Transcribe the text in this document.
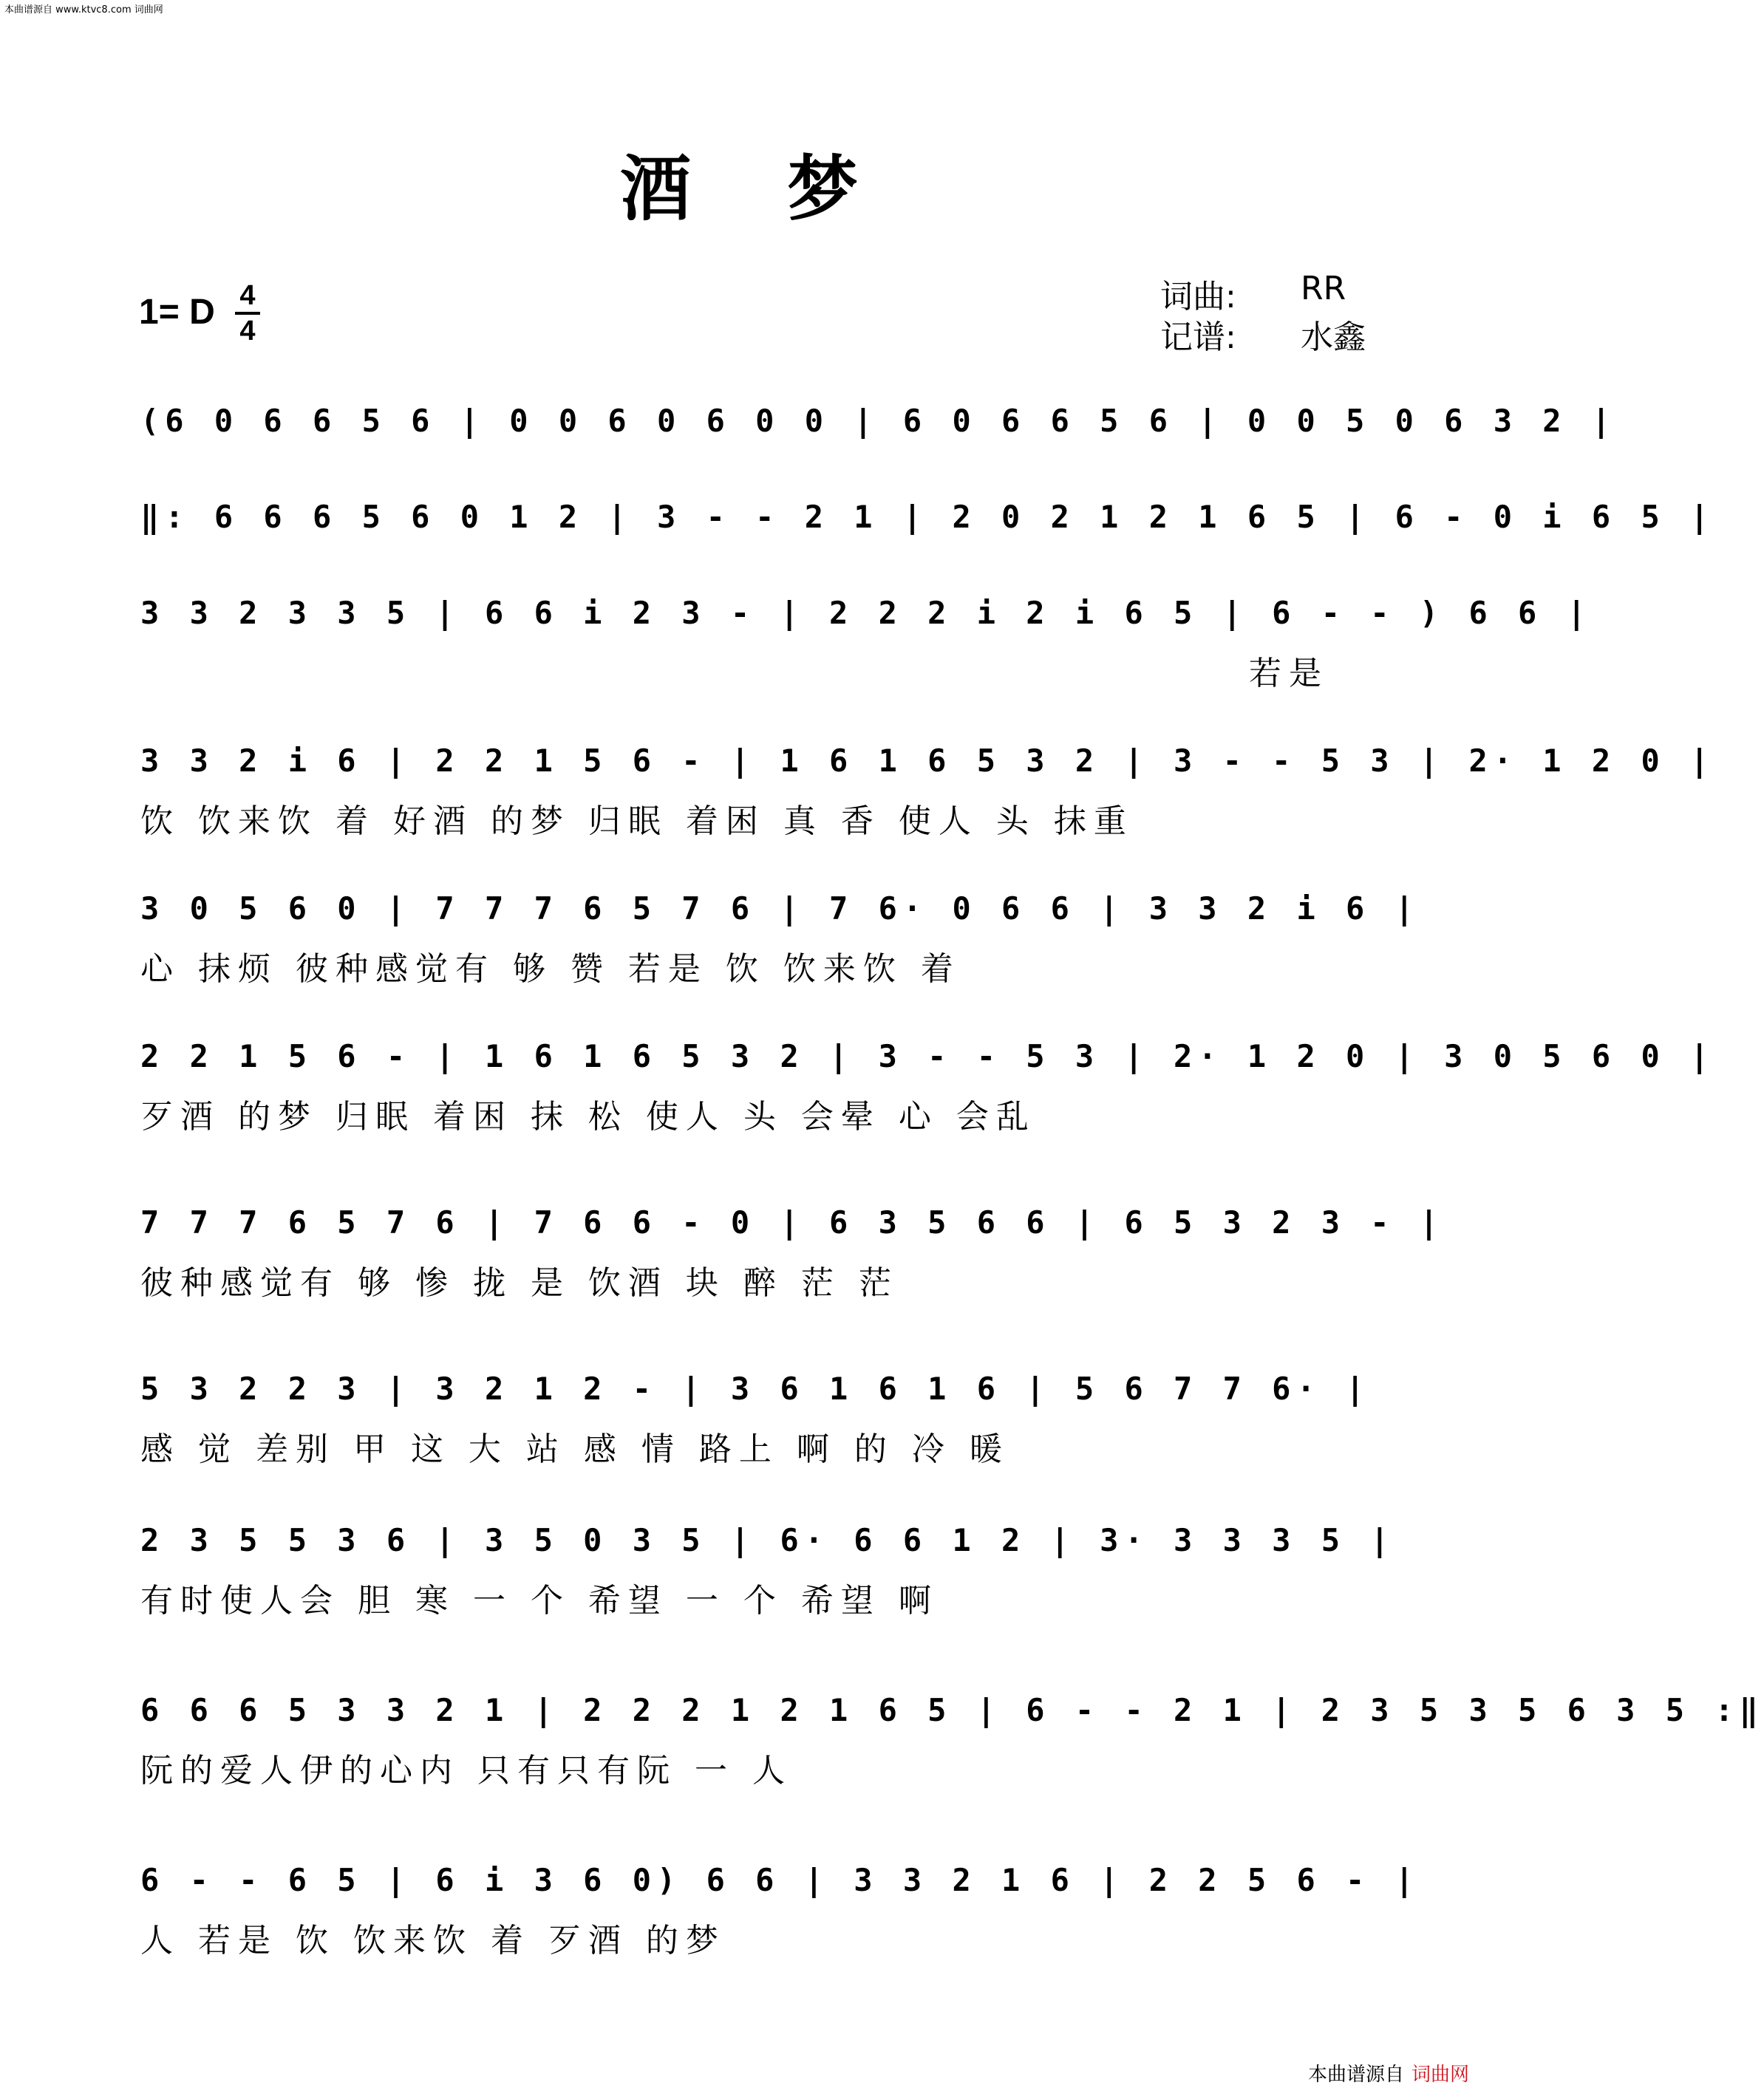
本曲谱源自 www.ktvc8.com 词曲网
酒梦
1= D 4
4
词曲: RR
记谱: 水鑫
(6 0 6 6 5 6 | 0 0 6 0 6 0 0 | 6 0 6 6 5 6 | 0 0 5 0 6 3 2 |
‖: 6 6 6 5 6 0 1 2 | 3 - - 2 1 | 2 0 2 1 2 1 6 5 | 6 - 0 i 6 5 |
3 3 2 3 3 5 | 6 6 i 2 3 - | 2 2 2 i 2 i 6 5 | 6 - - ) 6 6 |
若是
3 3 2 i 6 | 2 2 1 5 6 - | 1 6 1 6 5 3 2 | 3 - - 5 3 | 2· 1 2 0 |
饮 饮来饮 着 好酒 的梦 归眠 着困 真 香 使人 头 抹重
3 0 5 6 0 | 7 7 7 6 5 7 6 | 7 6· 0 6 6 | 3 3 2 i 6 |
心 抹烦 彼种感觉有 够 赞 若是 饮 饮来饮 着
2 2 1 5 6 - | 1 6 1 6 5 3 2 | 3 - - 5 3 | 2· 1 2 0 | 3 0 5 6 0 |
歹酒 的梦 归眠 着困 抹 松 使人 头 会晕 心 会乱
7 7 7 6 5 7 6 | 7 6 6 - 0 | 6 3 5 6 6 | 6 5 3 2 3 - |
彼种感觉有 够 惨 拢 是 饮酒 块 醉 茫 茫
5 3 2 2 3 | 3 2 1 2 - | 3 6 1 6 1 6 | 5 6 7 7 6· |
感 觉 差别 甲 这 大 站 感 情 路上 啊 的 冷 暖
2 3 5 5 3 6 | 3 5 0 3 5 | 6· 6 6 1 2 | 3· 3 3 3 5 |
有时使人会 胆 寒 一 个 希望 一 个 希望 啊
6 6 6 5 3 3 2 1 | 2 2 2 1 2 1 6 5 | 6 - - 2 1 | 2 3 5 3 5 6 3 5 :‖
阮的爱人伊的心内 只有只有阮 一 人
6 - - 6 5 | 6 i 3 6 0) 6 6 | 3 3 2 1 6 | 2 2 5 6 - |
人 若是 饮 饮来饮 着 歹酒 的梦
本曲谱源自 词曲网
